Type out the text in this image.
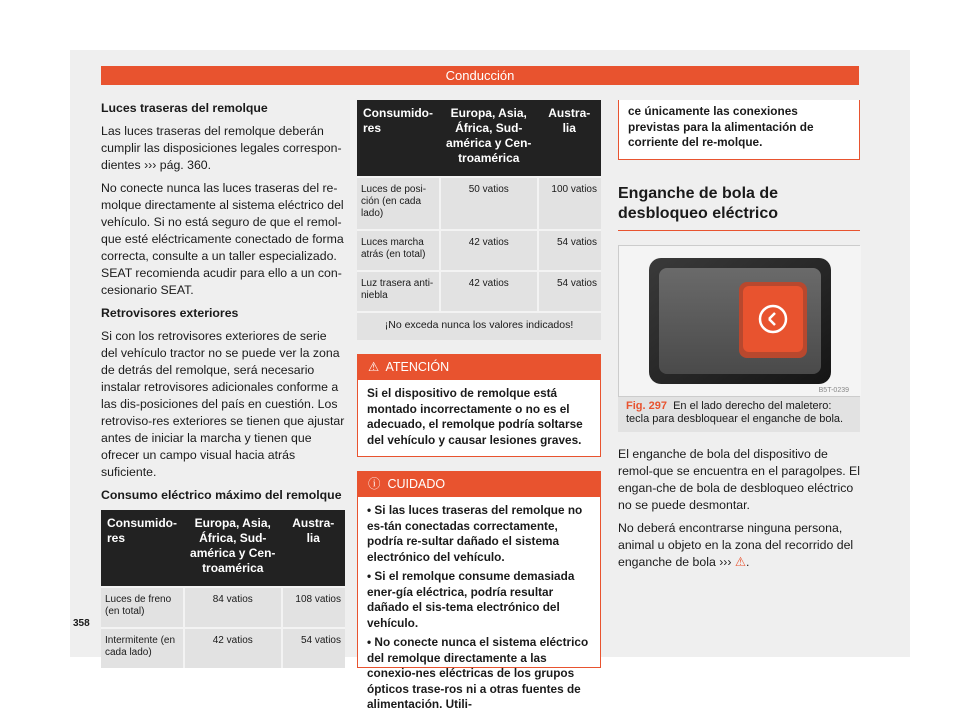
Conducción

Luces traseras del remolque

Las luces traseras del remolque deberán cumplir las disposiciones legales correspon-dientes ››› pág. 360.

No conecte nunca las luces traseras del re-molque directamente al sistema eléctrico del vehículo. Si no está seguro de que el remol-que esté eléctricamente conectado de forma correcta, consulte a un taller especializado. SEAT recomienda acudir para ello a un con-cesionario SEAT.

Retrovisores exteriores

Si con los retrovisores exteriores de serie del vehículo tractor no se puede ver la zona de detrás del remolque, será necesario instalar retrovisores adicionales conforme a las dis-posiciones del país en cuestión. Los retroviso-res exteriores se tienen que ajustar antes de iniciar la marcha y tienen que ofrecer un campo visual hacia atrás suficiente.

Consumo eléctrico máximo del remolque

Consumido-res	Europa, Asia, África, Sud-américa y Cen-troamérica	Austra-lia
Luces de freno (en total)	84 vatios	108 vatios
Intermitente (en cada lado)	42 vatios	54 vatios
Consumido-res	Europa, Asia, África, Sud-américa y Cen-troamérica	Austra-lia
Luces de posi-ción (en cada lado)	50 vatios	100 vatios
Luces marcha atrás (en total)	42 vatios	54 vatios
Luz trasera anti-niebla	42 vatios	54 vatios
¡No exceda nunca los valores indicados!		
⚠ ATENCIÓN
Si el dispositivo de remolque está montado incorrectamente o no es el adecuado, el remolque podría soltarse del vehículo y causar lesiones graves.
ⓘ CUIDADO

• Si las luces traseras del remolque no es-tán conectadas correctamente, podría re-sultar dañado el sistema electrónico del vehículo.

• Si el remolque consume demasiada ener-gía eléctrica, podría resultar dañado el sis-tema electrónico del vehículo.

• No conecte nunca el sistema eléctrico del remolque directamente a las conexio-nes eléctricas de los grupos ópticos trase-ros ni a otras fuentes de alimentación. Utili-

ce únicamente las conexiones previstas para la alimentación de corriente del re-molque.
Enganche de bola de desbloqueo eléctrico
B5T-0239
Fig. 297 En el lado derecho del maletero: tecla para desbloquear el enganche de bola.

El enganche de bola del dispositivo de remol-que se encuentra en el paragolpes. El engan-che de bola de desbloqueo eléctrico no se puede desmontar.

No deberá encontrarse ninguna persona, animal u objeto en la zona del recorrido del enganche de bola ››› ⚠.

358
